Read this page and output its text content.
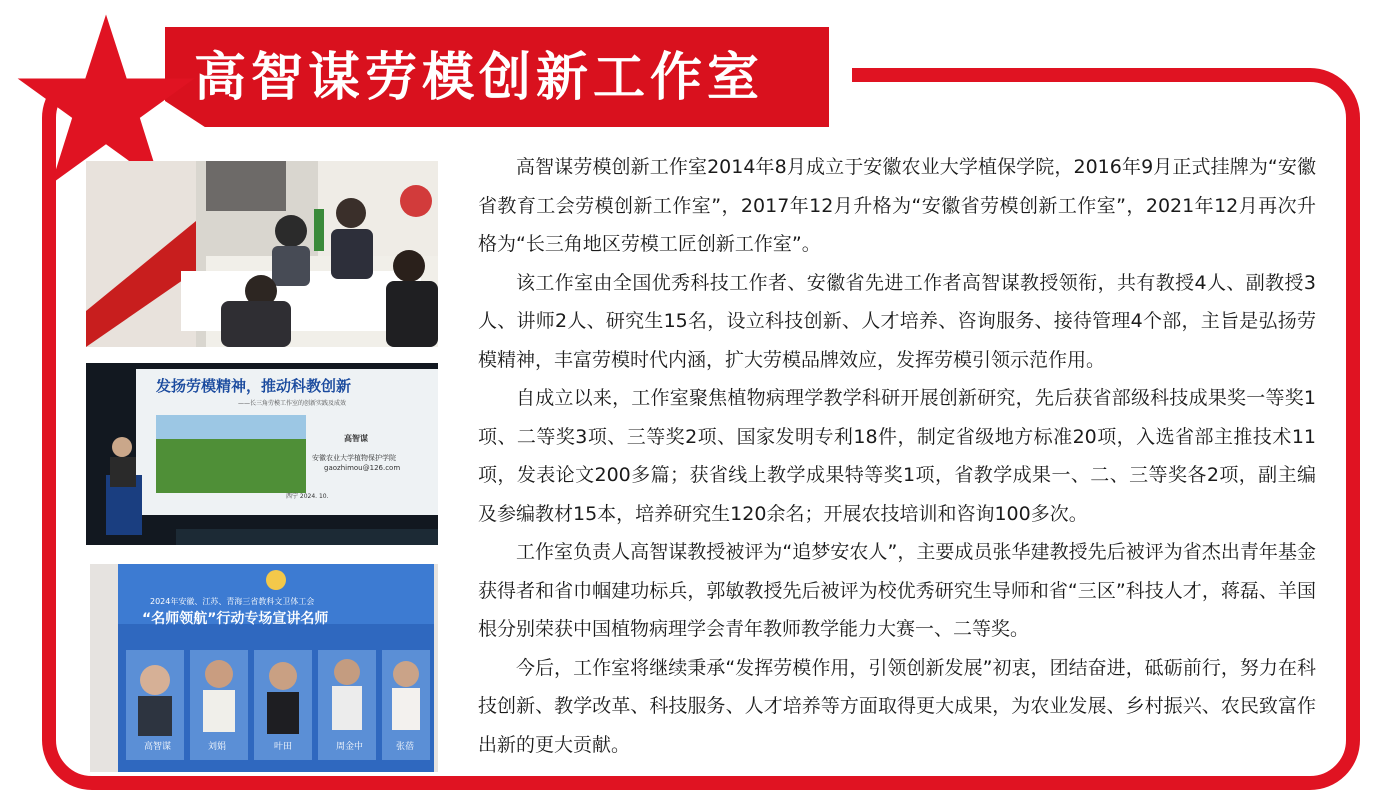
高智谋劳模创新工作室
发扬劳模精神，推动科教创新
——长三角劳模工作室的创新实践及成效
高智谋
安徽农业大学植物保护学院
gaozhimou@126.com
西宁 2024. 10.
2024年安徽、江苏、青海三省教科文卫体工会
“名师领航”行动专场宣讲名师
高智谋	刘娟	叶田	周金中	张蓓

高智谋劳模创新工作室2014年8月成立于安徽农业大学植保学院，2016年9月正式挂牌为“安徽省教育工会劳模创新工作室”，2017年12月升格为“安徽省劳模创新工作室”，2021年12月再次升格为“长三角地区劳模工匠创新工作室”。

该工作室由全国优秀科技工作者、安徽省先进工作者高智谋教授领衔，共有教授4人、副教授3人、讲师2人、研究生15名，设立科技创新、人才培养、咨询服务、接待管理4个部，主旨是弘扬劳模精神，丰富劳模时代内涵，扩大劳模品牌效应，发挥劳模引领示范作用。

自成立以来，工作室聚焦植物病理学教学科研开展创新研究，先后获省部级科技成果奖一等奖1项、二等奖3项、三等奖2项、国家发明专利18件，制定省级地方标准20项，入选省部主推技术11项，发表论文200多篇；获省线上教学成果特等奖1项，省教学成果一、二、三等奖各2项，副主编及参编教材15本，培养研究生120余名；开展农技培训和咨询100多次。

工作室负责人高智谋教授被评为“追梦安农人”，主要成员张华建教授先后被评为省杰出青年基金获得者和省巾帼建功标兵，郭敏教授先后被评为校优秀研究生导师和省“三区”科技人才，蒋磊、羊国根分别荣获中国植物病理学会青年教师教学能力大赛一、二等奖。

今后，工作室将继续秉承“发挥劳模作用，引领创新发展”初衷，团结奋进，砥砺前行，努力在科技创新、教学改革、科技服务、人才培养等方面取得更大成果，为农业发展、乡村振兴、农民致富作出新的更大贡献。
